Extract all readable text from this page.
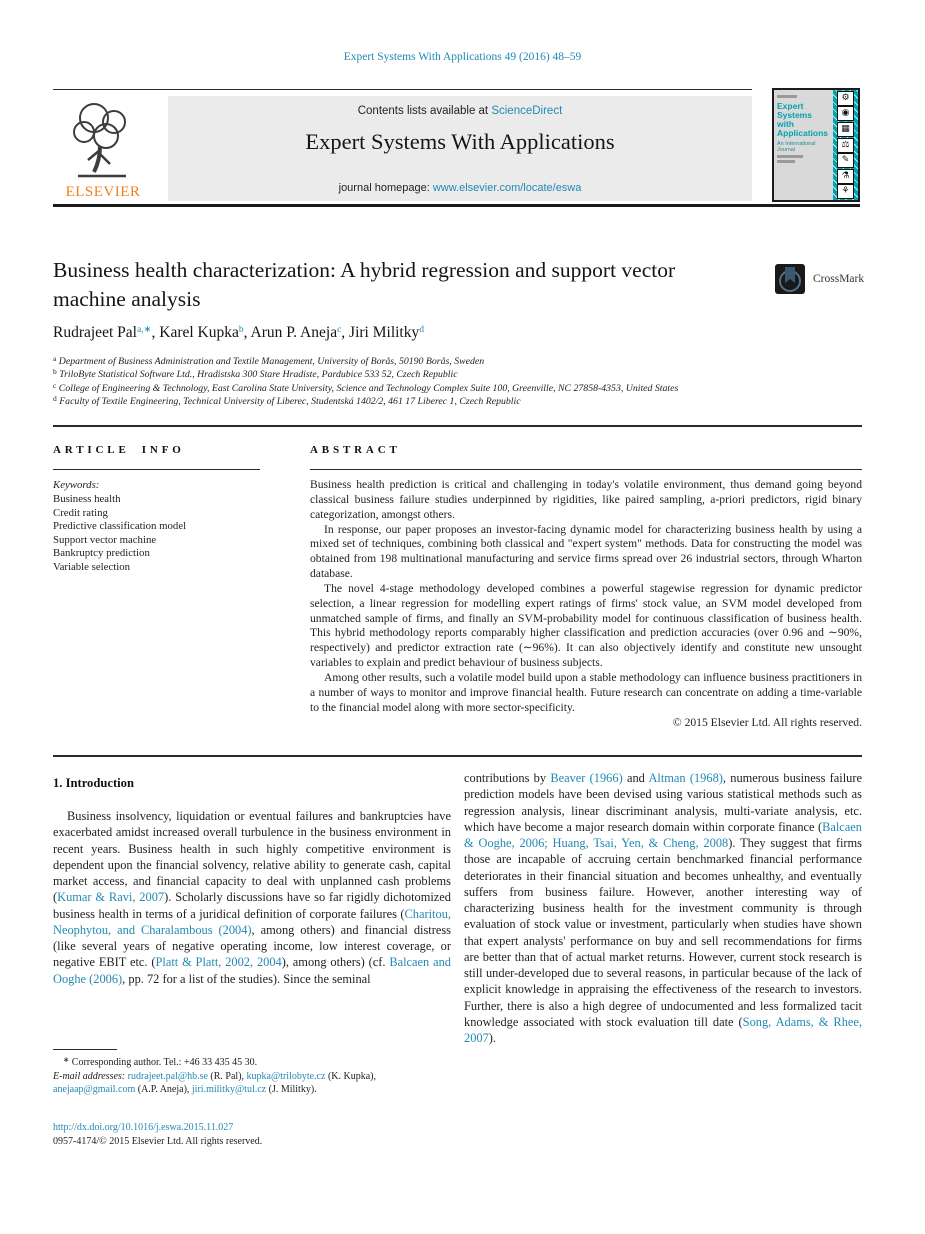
Expert Systems With Applications 49 (2016) 48–59
ELSEVIER
Contents lists available at ScienceDirect
Expert Systems With Applications
journal homepage: www.elsevier.com/locate/eswa
Expert
Systems
with
Applications
An International Journal
⚙
◉
▦
⚖
✎
⚗
⚘
Business health characterization: A hybrid regression and support vector machine analysis
CrossMark
Rudrajeet Pal$^{a,∗}$, Karel Kupka$^b$, Arun P. Aneja$^c$, Jiri Militky$^d$
$^a$ Department of Business Administration and Textile Management, University of Borås, 50190 Borås, Sweden
$^b$ TriloByte Statistical Software Ltd., Hradistska 300 Stare Hradiste, Pardubice 533 52, Czech Republic
$^c$ College of Engineering & Technology, East Carolina State University, Science and Technology Complex Suite 100, Greenville, NC 27858-4353, United States
$^d$ Faculty of Textile Engineering, Technical University of Liberec, Studentská 1402/2, 461 17 Liberec 1, Czech Republic
ARTICLE INFO
Keywords:
Business health
Credit rating
Predictive classification model
Support vector machine
Bankruptcy prediction
Variable selection
ABSTRACT

Business health prediction is critical and challenging in today's volatile environment, thus demand going beyond classical business failure studies underpinned by rigidities, like paired sampling, a-priori predictors, rigid binary categorization, amongst others.

In response, our paper proposes an investor-facing dynamic model for characterizing business health by using a mixed set of techniques, combining both classical and "expert system" methods. Data for constructing the model was obtained from 198 multinational manufacturing and service firms spread over 26 industrial sectors, through Wharton database.

The novel 4-stage methodology developed combines a powerful stagewise regression for dynamic predictor selection, a linear regression for modelling expert ratings of firms' stock value, an SVM model developed from unmatched sample of firms, and finally an SVM-probability model for continuous classification of business health. This hybrid methodology reports comparably higher classification and prediction accuracies (over 0.96 and ∼90%, respectively) and predictor extraction rate (∼96%). It can also objectively identify and constitute new unsought variables to explain and predict behaviour of business subjects.

Among other results, such a volatile model build upon a stable methodology can influence business practitioners in a number of ways to monitor and improve financial health. Future research can concentrate on adding a time-variable to the financial model along with more sector-specificity.

© 2015 Elsevier Ltd. All rights reserved.

1. Introduction
Business insolvency, liquidation or eventual failures and bankruptcies have exacerbated amidst increased overall turbulence in the business environment in recent years. Business health in such highly competitive environment is dependent upon the financial solvency, relative ability to generate cash, capital market access, and financial capacity to deal with unplanned cash problems (Kumar & Ravi, 2007). Scholarly discussions have so far rigidly dichotomized business health in terms of a juridical definition of corporate failures (Charitou, Neophytou, and Charalambous (2004), among others) and financial distress (like several years of negative operating income, low interest coverage, or negative EBIT etc. (Platt & Platt, 2002, 2004), among others) (cf. Balcaen and Ooghe (2006), pp. 72 for a list of the studies). Since the seminal
contributions by Beaver (1966) and Altman (1968), numerous business failure prediction models have been devised using various statistical methods such as regression analysis, linear discriminant analysis, multi-variate analysis, etc. which have become a major research domain within corporate finance (Balcaen & Ooghe, 2006; Huang, Tsai, Yen, & Cheng, 2008). They suggest that firms those are incapable of accruing certain benchmarked financial performance deteriorates in their financial situation and becomes unhealthy, and eventually suffers from business failure. However, another interesting way of characterizing business health for the investment community is through evaluation of stock value or investment, particularly when studies have shown that expert analysts' performance on buy and sell recommendations for firms are better than that of actual market returns. However, current stock research is still under-developed due to several reasons, in particular because of the lack of explicit knowledge in appraising the effectiveness of the research to investors. Further, there is also a high degree of undocumented and less formalized tacit knowledge associated with stock evaluation till date (Song, Adams, & Rhee, 2007).
∗ Corresponding author. Tel.: +46 33 435 45 30.
E-mail addresses: rudrajeet.pal@hb.se (R. Pal), kupka@trilobyte.cz (K. Kupka), anejaap@gmail.com (A.P. Aneja), jiri.militky@tul.cz (J. Militky).
http://dx.doi.org/10.1016/j.eswa.2015.11.027
0957-4174/© 2015 Elsevier Ltd. All rights reserved.
